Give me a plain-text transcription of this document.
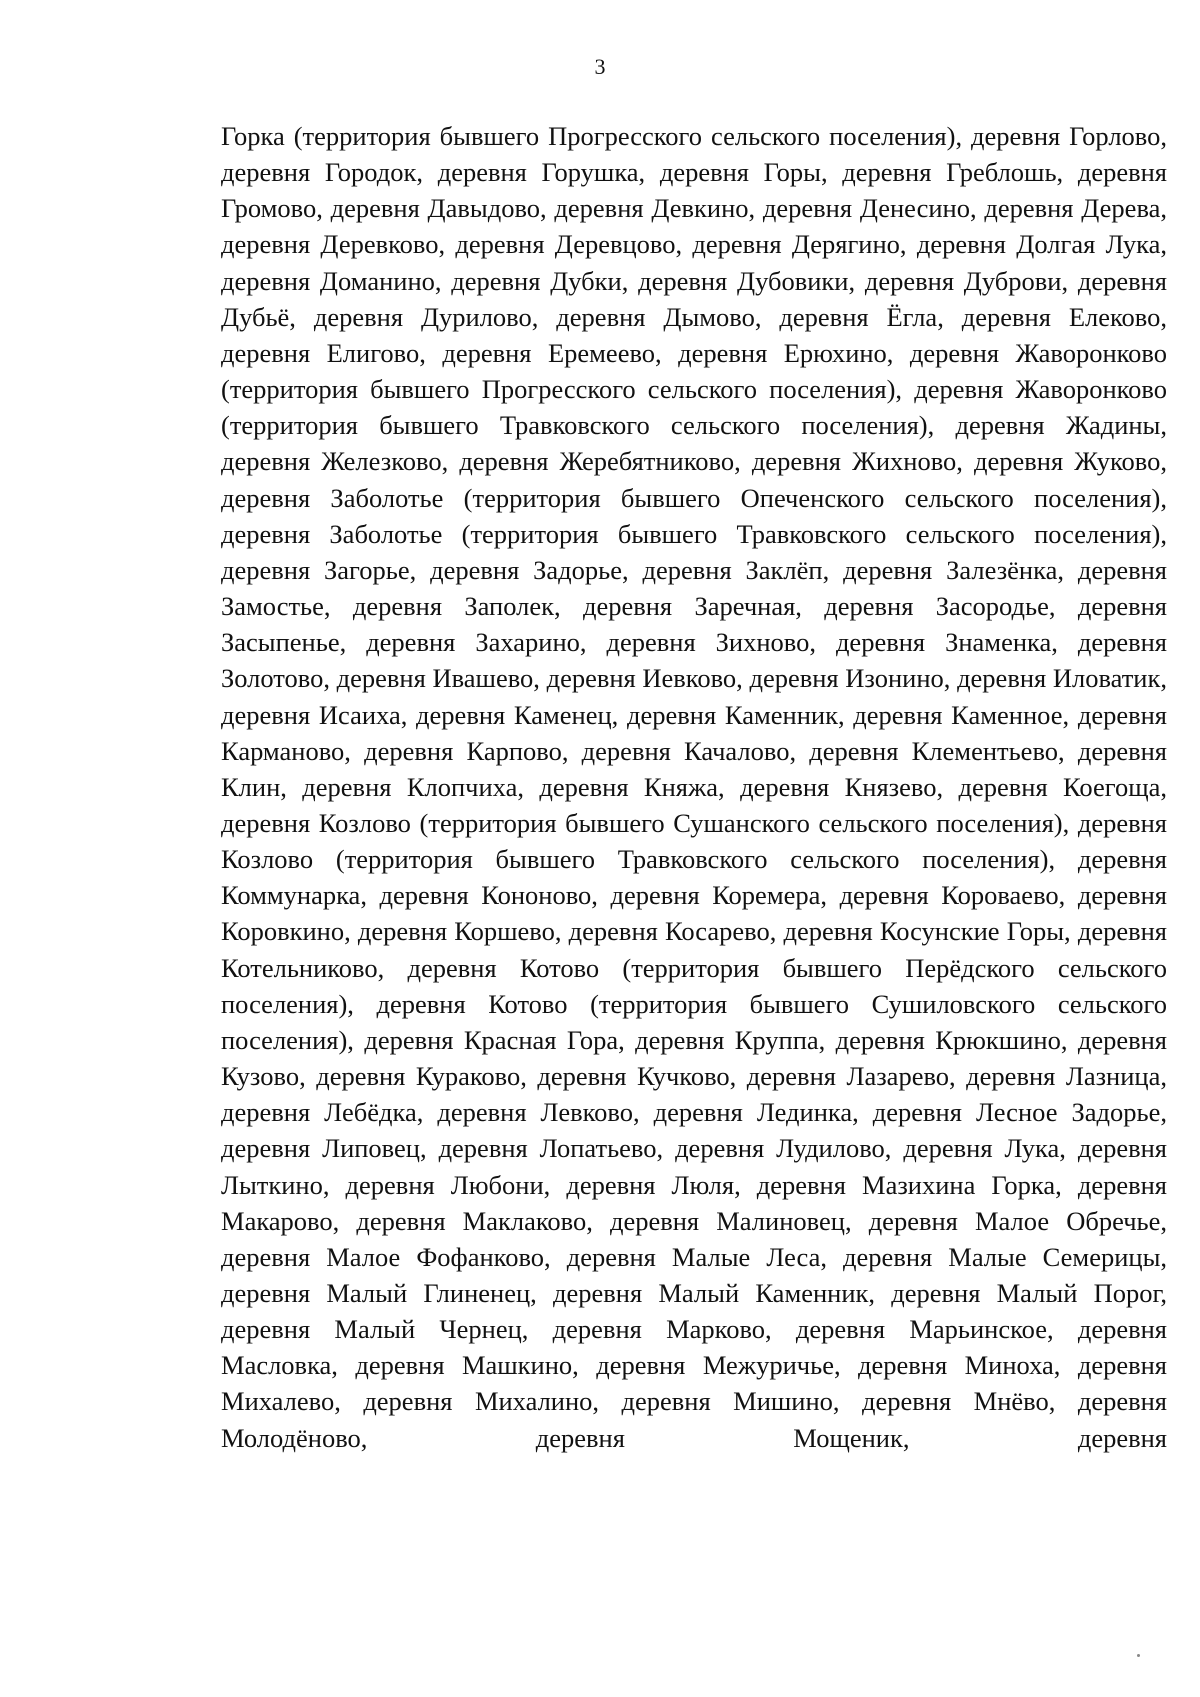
3

Горка (территория бывшего Прогресского сельского поселения), деревня Горлово, деревня Городок, деревня Горушка, деревня Горы, деревня Греблошь, деревня Громово, деревня Давыдово, деревня Девкино, деревня Денесино, деревня Дерева, деревня Деревково, деревня Деревцово, деревня Дерягино, деревня Долгая Лука, деревня Доманино, деревня Дубки, деревня Дубовики, деревня Дуброви, деревня Дубьё, деревня Дурилово, деревня Дымово, деревня Ёгла, деревня Елеково, деревня Елигово, деревня Еремеево, деревня Ерюхино, деревня Жаворонково (территория бывшего Прогресского сельского поселения), деревня Жаворонково (территория бывшего Травковского сельского поселения), деревня Жадины, деревня Железково, деревня Жеребятниково, деревня Жихново, деревня Жуково, деревня Заболотье (территория бывшего Опеченского сельского поселения), деревня Заболотье (территория бывшего Травковского сельского поселения), деревня Загорье, деревня Задорье, деревня Заклёп, деревня Залезёнка, деревня Замостье, деревня Заполек, деревня Заречная, деревня Засородье, деревня Засыпенье, деревня Захарино, деревня Зихново, деревня Знаменка, деревня Золотово, деревня Ивашево, деревня Иевково, деревня Изонино, деревня Иловатик, деревня Исаиха, деревня Каменец, деревня Каменник, деревня Каменное, деревня Карманово, деревня Карпово, деревня Качалово, деревня Клементьево, деревня Клин, деревня Клопчиха, деревня Княжа, деревня Князево, деревня Коегоща, деревня Козлово (территория бывшего Сушанского сельского поселения), деревня Козлово (территория бывшего Травковского сельского поселения), деревня Коммунарка, деревня Кононово, деревня Коремера, деревня Короваево, деревня Коровкино, деревня Коршево, деревня Косарево, деревня Косунские Горы, деревня Котельниково, деревня Котово (территория бывшего Перёдского сельского поселения), деревня Котово (территория бывшего Сушиловского сельского поселения), деревня Красная Гора, деревня Круппа, деревня Крюкшино, деревня Кузово, деревня Кураково, деревня Кучково, деревня Лазарево, деревня Лазница, деревня Лебёдка, деревня Левково, деревня Лединка, деревня Лесное Задорье, деревня Липовец, деревня Лопатьево, деревня Лудилово, деревня Лука, деревня Лыткино, деревня Любони, деревня Люля, деревня Мазихина Горка, деревня Макарово, деревня Маклаково, деревня Малиновец, деревня Малое Обречье, деревня Малое Фофанково, деревня Малые Леса, деревня Малые Семерицы, деревня Малый Глиненец, деревня Малый Каменник, деревня Малый Порог, деревня Малый Чернец, деревня Марково, деревня Марьинское, деревня Масловка, деревня Машкино, деревня Межуричье, деревня Миноха, деревня Михалево, деревня Михалино, деревня Мишино, деревня Мнёво, деревня Молодёново, деревня Мощеник, деревня
